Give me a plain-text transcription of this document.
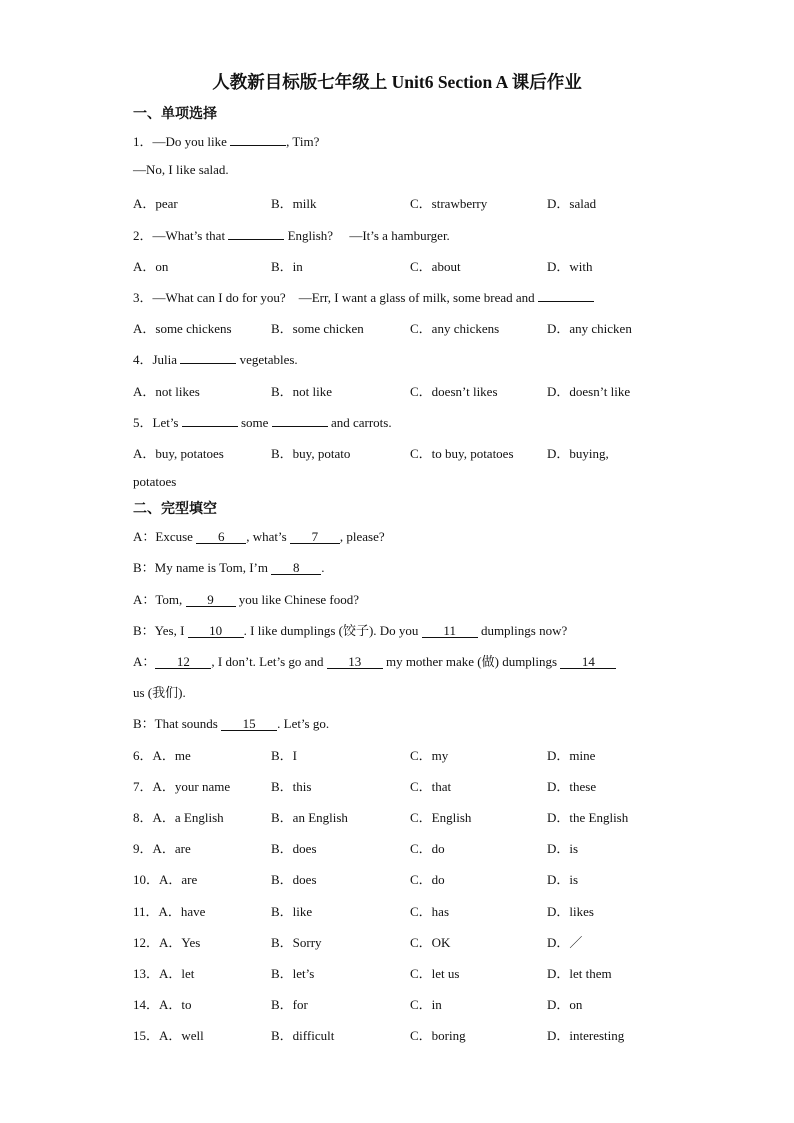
人教新目标版七年级上 Unit6 Section A 课后作业
一、单项选择
1．—Do you like	, Tim?
—No, I like salad.
A．pear	B．milk	C．strawberry	D．salad
2．—What’s that	English?　 —It’s a hamburger.
A．on	B．in	C．about	D．with
3．—What can I do for you?　—Err, I want a glass of milk, some bread and
A．some chickens	B．some chicken	C．any chickens	D．any chicken
4．Julia	vegetables.
A．not likes	B．not like	C．doesn’t likes	D．doesn’t like
5．Let’s	some	and carrots.
A．buy, potatoes	B．buy, potato	C．to buy, potatoes	D．buying,
potatoes
二、完型填空
A：Excuse 6 , what’s 7 , please?
B：My name is Tom, I’m 8 .
A：Tom, 9 you like Chinese food?
B：Yes, I 10 . I like dumplings (饺子). Do you 11 dumplings now?
A： 12 , I don’t. Let’s go and 13 my mother make (做) dumplings 14
us (我们).
B：That sounds 15 . Let’s go.
6．A．me	B．I	C．my	D．mine
7．A．your name	B．this	C．that	D．these
8．A．a English	B．an English	C．English	D．the English
9．A．are	B．does	C．do	D．is
10．A．are	B．does	C．do	D．is
11．A．have	B．like	C．has	D．likes
12．A．Yes	B．Sorry	C．OK	D．／
13．A．let	B．let’s	C．let us	D．let them
14．A．to	B．for	C．in	D．on
15．A．well	B．difficult	C．boring	D．interesting
